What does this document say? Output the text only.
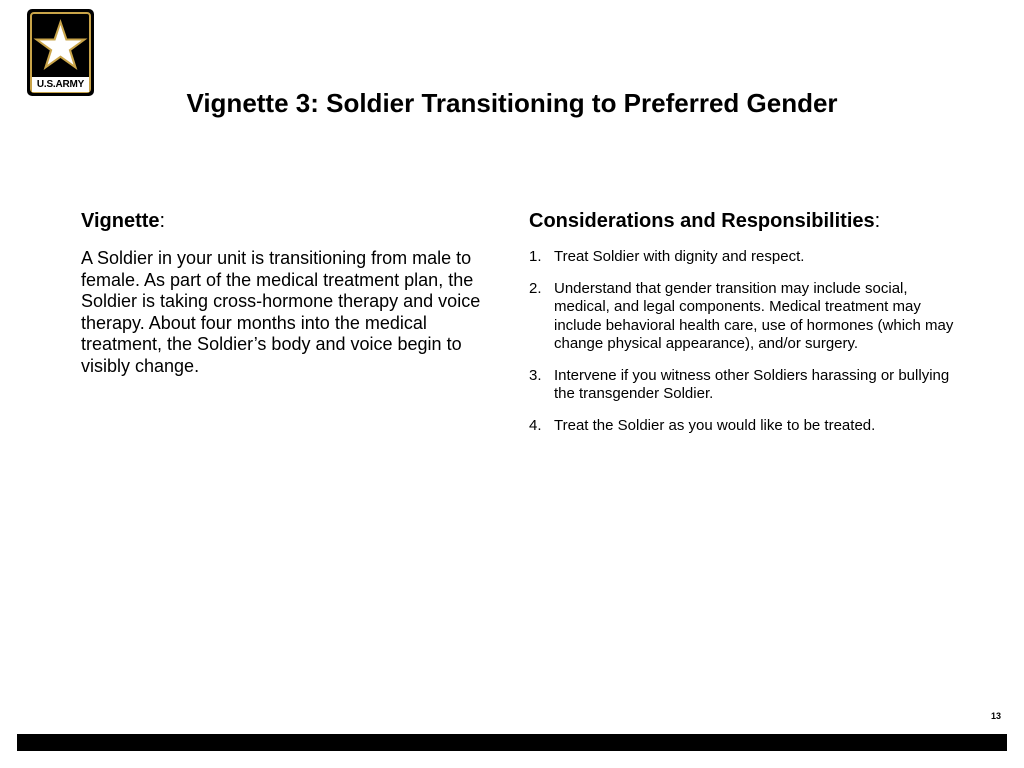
U.S.ARMY
Vignette 3: Soldier Transitioning to Preferred Gender
Vignette:

A Soldier in your unit is transitioning from male to female. As part of the medical treatment plan, the Soldier is taking cross-hormone therapy and voice therapy. About four months into the medical treatment, the Soldier’s body and voice begin to visibly change.

Considerations and Responsibilities:
1. Treat Soldier with dignity and respect.
2. Understand that gender transition may include social, medical, and legal components. Medical treatment may include behavioral health care, use of hormones (which may change physical appearance), and/or surgery.
3. Intervene if you witness other Soldiers harassing or bullying the transgender Soldier.
4. Treat the Soldier as you would like to be treated.
13
